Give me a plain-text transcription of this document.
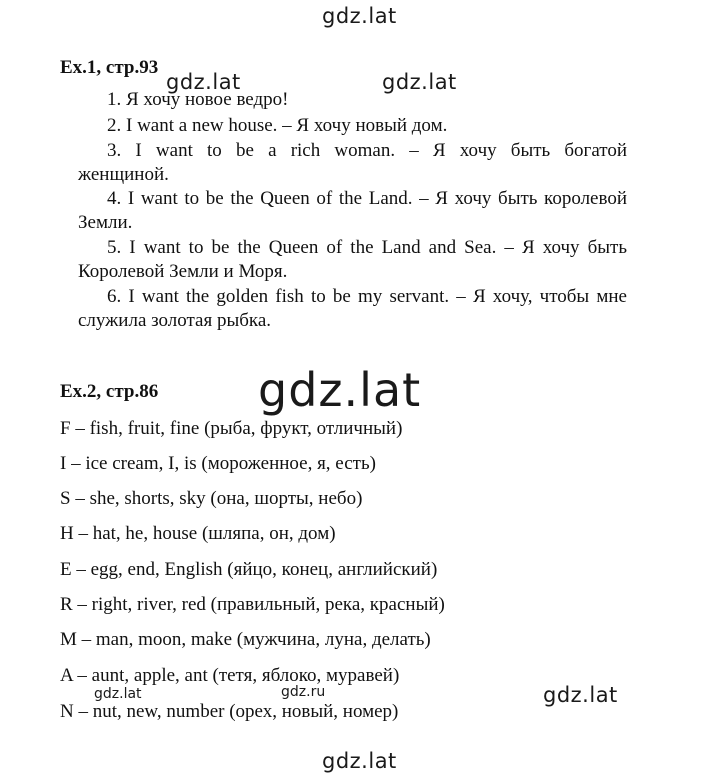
gdz.lat
gdz.lat	gdz.lat
gdz.lat
gdz.lat	gdz.ru	gdz.lat
gdz.lat
Ex.1, стр.93
1. Я хочу новое ведро!
2. I want a new house. – Я хочу новый дом.
3. I want to be a rich woman. – Я хочу быть богатой
женщиной.
4. I want to be the Queen of the Land. – Я хочу быть королевой
Земли.
5. I want to be the Queen of the Land and Sea. – Я хочу быть
Королевой Земли и Моря.
6. I want the golden fish to be my servant. – Я хочу, чтобы мне
служила золотая рыбка.
Ex.2, стр.86
F – fish, fruit, fine (рыба, фрукт, отличный)
I – ice cream, I, is (мороженное, я, есть)
S – she, shorts, sky (она, шорты, небо)
H – hat, he, house (шляпа, он, дом)
E – egg, end, English (яйцо, конец, английский)
R – right, river, red (правильный, река, красный)
M – man, moon, make (мужчина, луна, делать)
A – aunt, apple, ant (тетя, яблоко, муравей)
N – nut, new, number (орех, новый, номер)
